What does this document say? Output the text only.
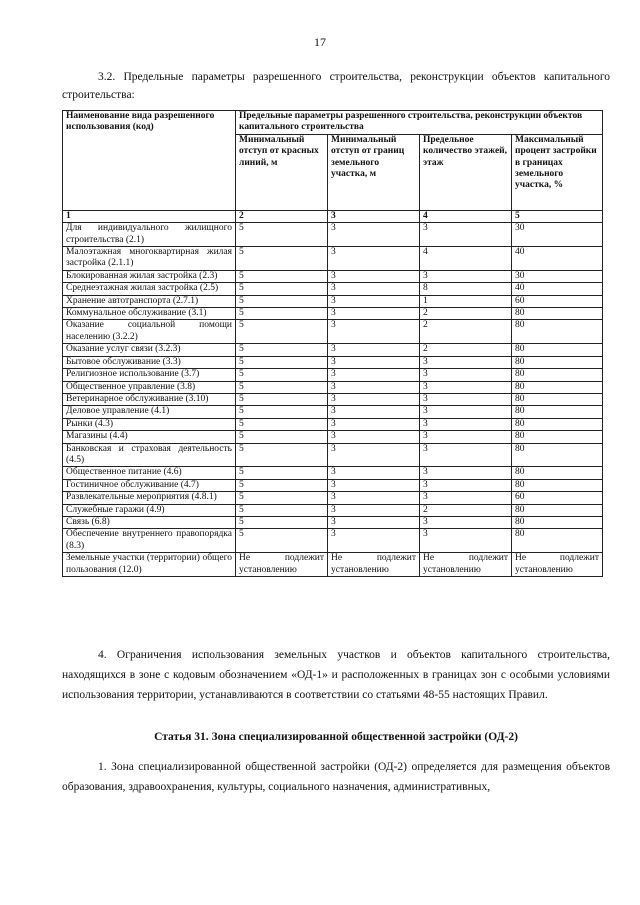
17
3.2. Предельные параметры разрешенного строительства, реконструкции объектов капитального строительства:
Наименование вида разрешенного использования (код)	Предельные параметры разрешенного строительства, реконструкции объектов капитального строительства			
	Минимальный отступ от красных линий, м	Минимальный отступ от границ земельного участка, м	Предельное количество этажей, этаж	Максимальный процент застройки в границах земельного участка, %
1	2	3	4	5
Для индивидуального жилищного строительства (2.1)	5	3	3	30
Малоэтажная многоквартирная жилая застройка (2.1.1)	5	3	4	40
Блокированная жилая застройка (2.3)	5	3	3	30
Среднеэтажная жилая застройка (2.5)	5	3	8	40
Хранение автотранспорта (2.7.1)	5	3	1	60
Коммунальное обслуживание (3.1)	5	3	2	80
Оказание социальной помощи населению (3.2.2)	5	3	2	80
Оказание услуг связи (3.2.3)	5	3	2	80
Бытовое обслуживание (3.3)	5	3	3	80
Религиозное использование (3.7)	5	3	3	80
Общественное управление (3.8)	5	3	3	80
Ветеринарное обслуживание (3.10)	5	3	3	80
Деловое управление (4.1)	5	3	3	80
Рынки (4.3)	5	3	3	80
Магазины (4.4)	5	3	3	80
Банковская и страховая деятельность (4.5)	5	3	3	80
Общественное питание (4.6)	5	3	3	80
Гостиничное обслуживание (4.7)	5	3	3	80
Развлекательные мероприятия (4.8.1)	5	3	3	60
Служебные гаражи (4.9)	5	3	2	80
Связь (6.8)	5	3	3	80
Обеспечение внутреннего правопорядка (8.3)	5	3	3	80
Земельные участки (территории) общего пользования (12.0)	Не подлежит установлению	Не подлежит установлению	Не подлежит установлению	Не подлежит установлению
4. Ограничения использования земельных участков и объектов капитального строительства, находящихся в зоне с кодовым обозначением «ОД-1» и расположенных в границах зон с особыми условиями использования территории, устанавливаются в соответствии со статьями 48-55 настоящих Правил.
Статья 31. Зона специализированной общественной застройки (ОД-2)
1. Зона специализированной общественной застройки (ОД-2) определяется для размещения объектов образования, здравоохранения, культуры, социального назначения, административных,
